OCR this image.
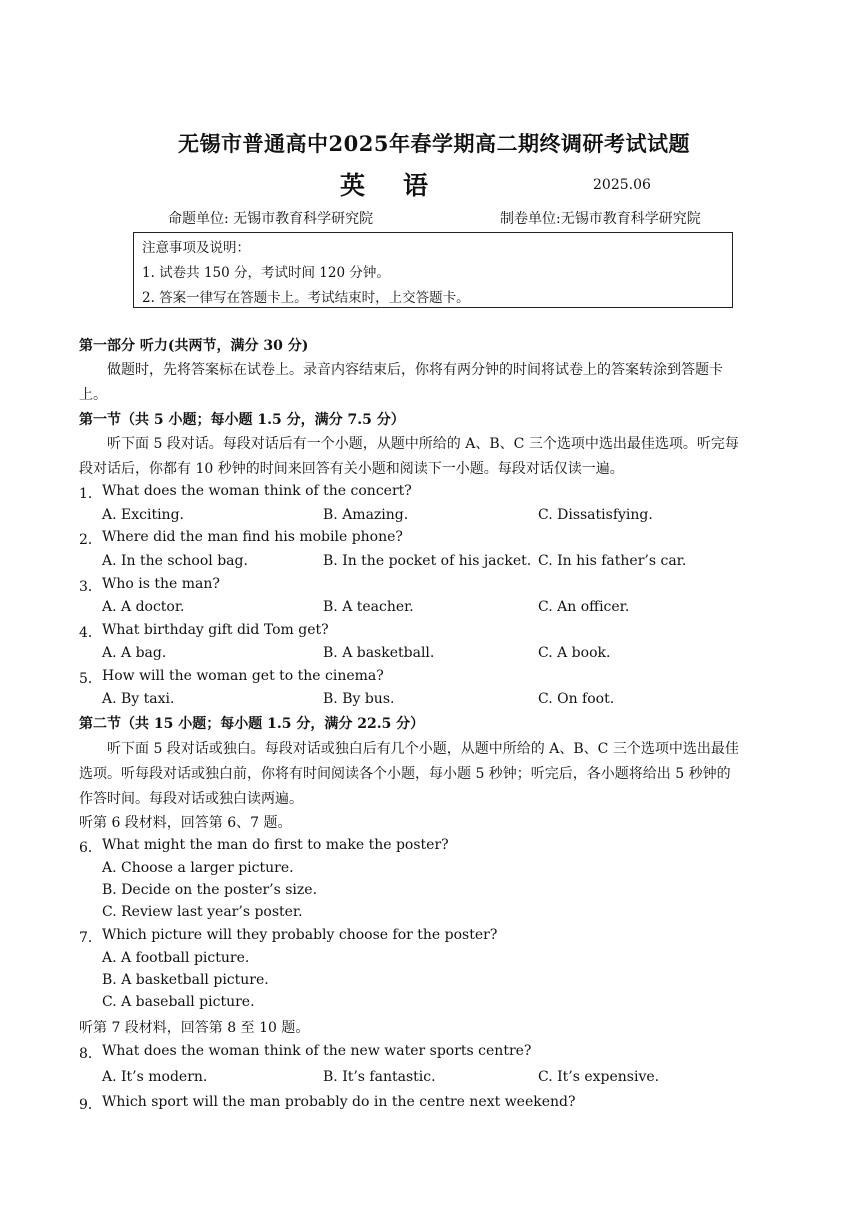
无锡市普通高中2025年春学期高二期终调研考试试题
英语	2025.06
命题单位: 无锡市教育科学研究院	制卷单位:无锡市教育科学研究院
注意事项及说明：
1. 试卷共 150 分，考试时间 120 分钟。
2. 答案一律写在答题卡上。考试结束时，上交答题卡。
第一部分 听力(共两节，满分 30 分)
做题时，先将答案标在试卷上。录音内容结束后，你将有两分钟的时间将试卷上的答案转涂到答题卡
上。
第一节（共 5 小题；每小题 1.5 分，满分 7.5 分）
听下面 5 段对话。每段对话后有一个小题，从题中所给的 A、B、C 三个选项中选出最佳选项。听完每
段对话后，你都有 10 秒钟的时间来回答有关小题和阅读下一小题。每段对话仅读一遍。
1． What does the woman think of the concert?
A. Exciting.	B. Amazing.	C. Dissatisfying.
2． Where did the man find his mobile phone?
A. In the school bag.	B. In the pocket of his jacket. C. In his father’s car.
3． Who is the man?
A. A doctor.	B. A teacher.	C. An officer.
4． What birthday gift did Tom get?
A. A bag.	B. A basketball.	C. A book.
5． How will the woman get to the cinema?
A. By taxi.	B. By bus.	C. On foot.
第二节（共 15 小题；每小题 1.5 分，满分 22.5 分）
听下面 5 段对话或独白。每段对话或独白后有几个小题，从题中所给的 A、B、C 三个选项中选出最佳
选项。听每段对话或独白前，你将有时间阅读各个小题，每小题 5 秒钟；听完后，各小题将给出 5 秒钟的
作答时间。每段对话或独白读两遍。
听第 6 段材料，回答第 6、7 题。
6． What might the man do first to make the poster?
A. Choose a larger picture.
B. Decide on the poster’s size.
C. Review last year’s poster.
7． Which picture will they probably choose for the poster?
A. A football picture.
B. A basketball picture.
C. A baseball picture.
听第 7 段材料，回答第 8 至 10 题。
8． What does the woman think of the new water sports centre?
A. It’s modern.	B. It’s fantastic.	C. It’s expensive.
9． Which sport will the man probably do in the centre next weekend?
